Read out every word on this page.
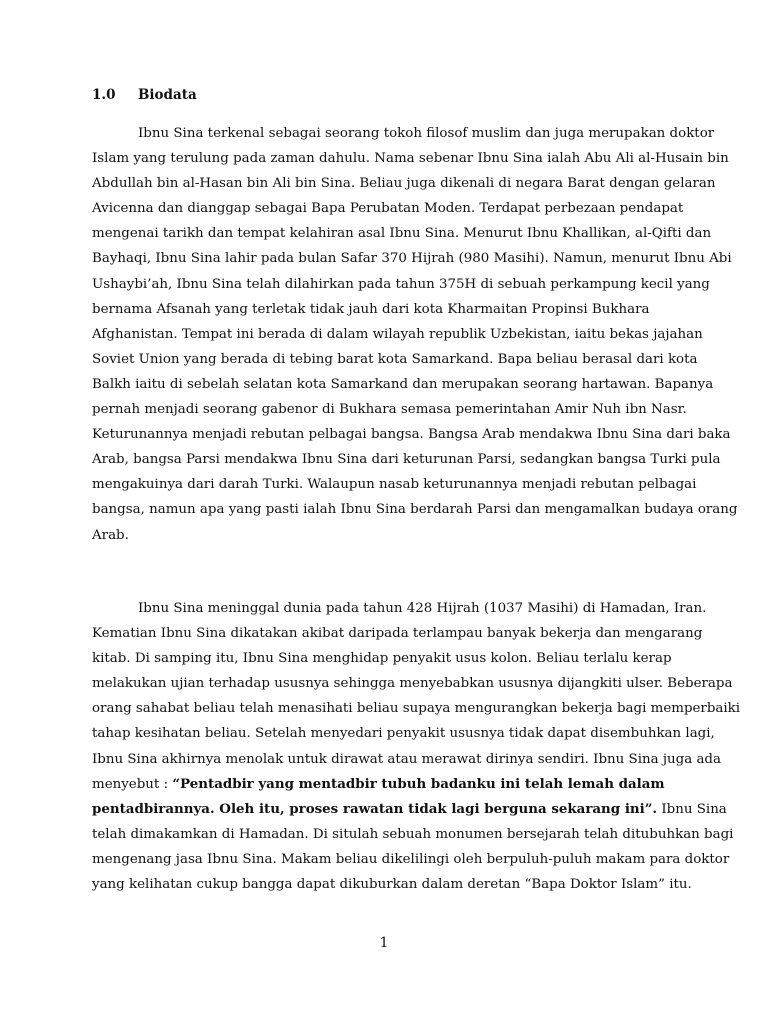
1.0 Biodata

Ibnu Sina terkenal sebagai seorang tokoh filosof muslim dan juga merupakan doktor
Islam yang terulung pada zaman dahulu. Nama sebenar Ibnu Sina ialah Abu Ali al-Husain bin
Abdullah bin al-Hasan bin Ali bin Sina. Beliau juga dikenali di negara Barat dengan gelaran
Avicenna dan dianggap sebagai Bapa Perubatan Moden. Terdapat perbezaan pendapat
mengenai tarikh dan tempat kelahiran asal Ibnu Sina. Menurut Ibnu Khallikan, al-Qifti dan
Bayhaqi, Ibnu Sina lahir pada bulan Safar 370 Hijrah (980 Masihi). Namun, menurut Ibnu Abi
Ushaybi’ah, Ibnu Sina telah dilahirkan pada tahun 375H di sebuah perkampung kecil yang
bernama Afsanah yang terletak tidak jauh dari kota Kharmaitan Propinsi Bukhara
Afghanistan. Tempat ini berada di dalam wilayah republik Uzbekistan, iaitu bekas jajahan
Soviet Union yang berada di tebing barat kota Samarkand. Bapa beliau berasal dari kota
Balkh iaitu di sebelah selatan kota Samarkand dan merupakan seorang hartawan. Bapanya
pernah menjadi seorang gabenor di Bukhara semasa pemerintahan Amir Nuh ibn Nasr.
Keturunannya menjadi rebutan pelbagai bangsa. Bangsa Arab mendakwa Ibnu Sina dari baka
Arab, bangsa Parsi mendakwa Ibnu Sina dari keturunan Parsi, sedangkan bangsa Turki pula
mengakuinya dari darah Turki. Walaupun nasab keturunannya menjadi rebutan pelbagai
bangsa, namun apa yang pasti ialah Ibnu Sina berdarah Parsi dan mengamalkan budaya orang
Arab.

Ibnu Sina meninggal dunia pada tahun 428 Hijrah (1037 Masihi) di Hamadan, Iran.
Kematian Ibnu Sina dikatakan akibat daripada terlampau banyak bekerja dan mengarang
kitab. Di samping itu, Ibnu Sina menghidap penyakit usus kolon. Beliau terlalu kerap
melakukan ujian terhadap ususnya sehingga menyebabkan ususnya dijangkiti ulser. Beberapa
orang sahabat beliau telah menasihati beliau supaya mengurangkan bekerja bagi memperbaiki
tahap kesihatan beliau. Setelah menyedari penyakit ususnya tidak dapat disembuhkan lagi,
Ibnu Sina akhirnya menolak untuk dirawat atau merawat dirinya sendiri. Ibnu Sina juga ada
menyebut : “Pentadbir yang mentadbir tubuh badanku ini telah lemah dalam
pentadbirannya. Oleh itu, proses rawatan tidak lagi berguna sekarang ini”. Ibnu Sina
telah dimakamkan di Hamadan. Di situlah sebuah monumen bersejarah telah ditubuhkan bagi
mengenang jasa Ibnu Sina. Makam beliau dikelilingi oleh berpuluh-puluh makam para doktor
yang kelihatan cukup bangga dapat dikuburkan dalam deretan “Bapa Doktor Islam” itu.

1
